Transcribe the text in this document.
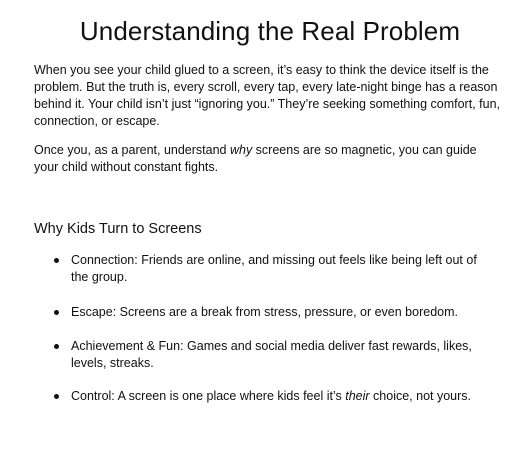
Understanding the Real Problem

When you see your child glued to a screen, it’s easy to think the device itself is the problem. But the truth is, every scroll, every tap, every late-night binge has a reason behind it. Your child isn’t just “ignoring you.” They’re seeking something comfort, fun, connection, or escape.

Once you, as a parent, understand why screens are so magnetic, you can guide your child without constant fights.

Why Kids Turn to Screens
Connection: Friends are online, and missing out feels like being left out of the group.
Escape: Screens are a break from stress, pressure, or even boredom.
Achievement & Fun: Games and social media deliver fast rewards, likes, levels, streaks.
Control: A screen is one place where kids feel it’s their choice, not yours.
